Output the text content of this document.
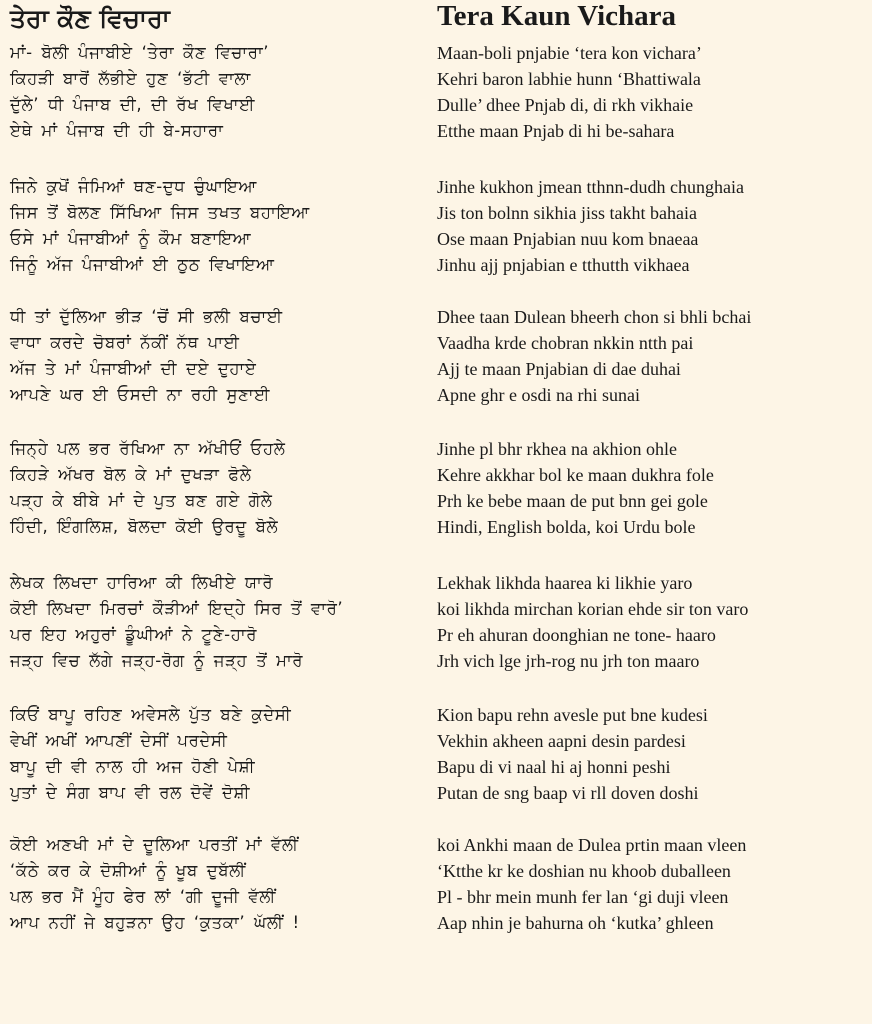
ਤੇਰਾ ਕੌਣ ਵਿਚਾਰਾ
ਮਾਂ- ਬੋਲੀ ਪੰਜਾਬੀਏ ‘ਤੇਰਾ ਕੌਣ ਵਿਚਾਰਾ’
ਕਿਹੜੀ ਬਾਰੋਂ ਲੱਭੀਏ ਹੁਣ ‘ਭੱਟੀ ਵਾਲਾ
ਦੁੱਲੇ’ ਧੀ ਪੰਜਾਬ ਦੀ, ਦੀ ਰੱਖ ਵਿਖਾਈ
ਏਥੇ ਮਾਂ ਪੰਜਾਬ ਦੀ ਹੀ ਬੇ-ਸਹਾਰਾ
ਜਿਨੇ ਕੁਖੋਂ ਜੰਮਿਆਂ ਥਣ-ਦੁਧ ਚੁੰਘਾਇਆ
ਜਿਸ ਤੋਂ ਬੋਲਣ ਸਿੱਖਿਆ ਜਿਸ ਤਖਤ ਬਹਾਇਆ
ਓਸੇ ਮਾਂ ਪੰਜਾਬੀਆਂ ਨੂੰ ਕੌਮ ਬਣਾਇਆ
ਜਿਨੂੰ ਅੱਜ ਪੰਜਾਬੀਆਂ ਈ ਠੁਠ ਵਿਖਾਇਆ
ਧੀ ਤਾਂ ਦੁੱਲਿਆ ਭੀੜ ‘ਚੋਂ ਸੀ ਭਲੀ ਬਚਾਈ
ਵਾਧਾ ਕਰਦੇ ਚੋਬਰਾਂ ਨੱਕੀਂ ਨੱਥ ਪਾਈ
ਅੱਜ ਤੇ ਮਾਂ ਪੰਜਾਬੀਆਂ ਦੀ ਦਏ ਦੁਹਾਏ
ਆਪਣੇ ਘਰ ਈ ਓਸਦੀ ਨਾ ਰਹੀ ਸੁਣਾਈ
ਜਿਨ੍ਹੇ ਪਲ ਭਰ ਰੱਖਿਆ ਨਾ ਅੱਖੀਓਂ ਓਹਲੇ
ਕਿਹੜੇ ਅੱਖਰ ਬੋਲ ਕੇ ਮਾਂ ਦੁਖੜਾ ਫੋਲੇ
ਪੜ੍ਹ ਕੇ ਬੀਬੇ ਮਾਂ ਦੇ ਪੁਤ ਬਣ ਗਏ ਗੋਲੇ
ਹਿੰਦੀ, ਇੰਗਲਿਸ਼, ਬੋਲਦਾ ਕੋਈ ਉਰਦੂ ਬੋਲੇ
ਲੇਖਕ ਲਿਖਦਾ ਹਾਰਿਆ ਕੀ ਲਿਖੀਏ ਯਾਰੋ
ਕੋਈ ਲਿਖਦਾ ਮਿਰਚਾਂ ਕੌੜੀਆਂ ਇਦ੍ਹੇ ਸਿਰ ਤੋਂ ਵਾਰੋ’
ਪਰ ਇਹ ਅਹੁਰਾਂ ਡੂੰਘੀਆਂ ਨੇ ਟੂਣੇ-ਹਾਰੋ
ਜੜ੍ਹ ਵਿਚ ਲੱਗੇ ਜੜ੍ਹ-ਰੋਗ ਨੂੰ ਜੜ੍ਹ ਤੋਂ ਮਾਰੋ
ਕਿਓਂ ਬਾਪੂ ਰਹਿਣ ਅਵੇਸਲੇ ਪੁੱਤ ਬਣੇ ਕੁਦੇਸੀ
ਵੇਖੀਂ ਅਖੀਂ ਆਪਣੀਂ ਦੇਸੀਂ ਪਰਦੇਸੀ
ਬਾਪੂ ਦੀ ਵੀ ਨਾਲ ਹੀ ਅਜ ਹੋਣੀ ਪੇਸ਼ੀ
ਪੁਤਾਂ ਦੇ ਸੰਗ ਬਾਪ ਵੀ ਰਲ ਦੋਵੇਂ ਦੋਸ਼ੀ
ਕੋਈ ਅਣਖੀ ਮਾਂ ਦੇ ਦੂਲਿਆ ਪਰਤੀਂ ਮਾਂ ਵੱਲੀਂ
‘ਕੱਠੇ ਕਰ ਕੇ ਦੋਸ਼ੀਆਂ ਨੂੰ ਖੂਬ ਦੁਬੱਲੀਂ
ਪਲ ਭਰ ਮੈਂ ਮੂੰਹ ਫੇਰ ਲਾਂ ‘ਗੀ ਦੂਜੀ ਵੱਲੀਂ
ਆਪ ਨਹੀਂ ਜੇ ਬਹੁੜਨਾ ਉਹ ‘ਕੁਤਕਾ’ ਘੱਲੀਂ !
Tera Kaun Vichara
Maan-boli pnjabie ‘tera kon vichara’
Kehri baron labhie hunn ‘Bhattiwala
Dulle’ dhee Pnjab di, di rkh vikhaie
Etthe maan Pnjab di hi be-sahara
Jinhe kukhon jmean tthnn-dudh chunghaia
Jis ton bolnn sikhia jiss takht bahaia
Ose maan Pnjabian nuu kom bnaeaa
Jinhu ajj pnjabian e tthutth vikhaea
Dhee taan Dulean bheerh chon si bhli bchai
Vaadha krde chobran nkkin ntth pai
Ajj te maan Pnjabian di dae duhai
Apne ghr e osdi na rhi sunai
Jinhe pl bhr rkhea na akhion ohle
Kehre akkhar bol ke maan dukhra fole
Prh ke bebe maan de put bnn gei gole
Hindi, English bolda, koi Urdu bole
Lekhak likhda haarea ki likhie yaro
koi likhda mirchan korian ehde sir ton varo
Pr eh ahuran doonghian ne tone- haaro
Jrh vich lge jrh-rog nu jrh ton maaro
Kion bapu rehn avesle put bne kudesi
Vekhin akheen aapni desin pardesi
Bapu di vi naal hi aj honni peshi
Putan de sng baap vi rll doven doshi
koi Ankhi maan de Dulea prtin maan vleen
‘Ktthe kr ke doshian nu khoob duballeen
Pl - bhr mein munh fer lan ‘gi duji vleen
Aap nhin je bahurna oh ‘kutka’ ghleen
